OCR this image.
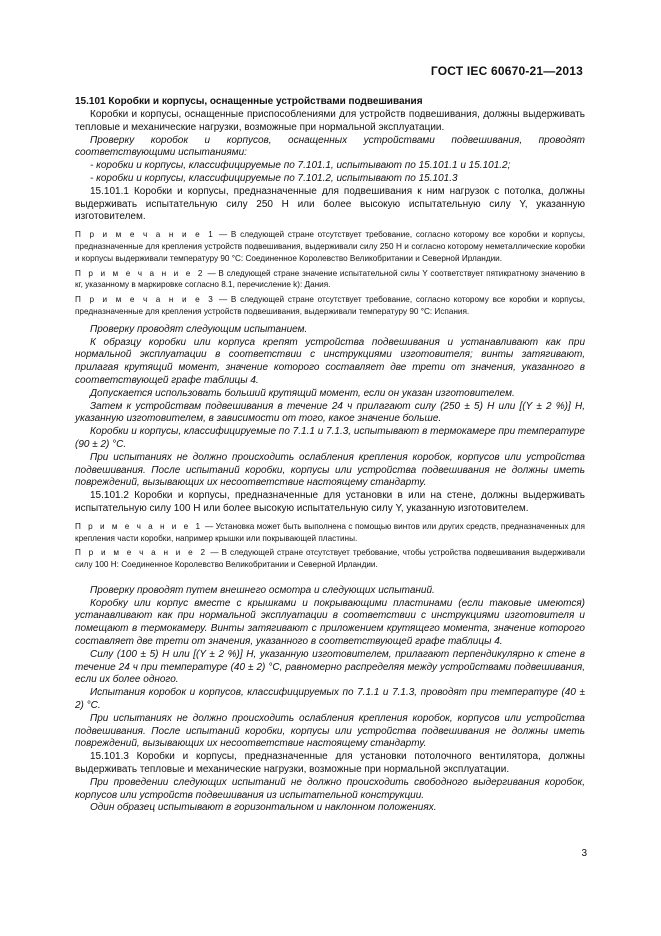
ГОСТ IEC 60670-21—2013
15.101 Коробки и корпусы, оснащенные устройствами подвешивания

Коробки и корпусы, оснащенные приспособлениями для устройств подвешивания, должны выдерживать тепловые и механические нагрузки, возможные при нормальной эксплуатации.

Проверку коробок и корпусов, оснащенных устройствами подвешивания, проводят соответствующими испытаниями:

- коробки и корпусы, классифицируемые по 7.101.1, испытывают по 15.101.1 и 15.101.2;

- коробки и корпусы, классифицируемые по 7.101.2, испытывают по 15.101.3

15.101.1 Коробки и корпусы, предназначенные для подвешивания к ним нагрузок с потолка, должны выдерживать испытательную силу 250 Н или более высокую испытательную силу Y, указанную изготовителем.

П р и м е ч а н и е 1 — В следующей стране отсутствует требование, согласно которому все коробки и корпусы, предназначенные для крепления устройств подвешивания, выдерживали силу 250 Н и согласно которому неметаллические коробки и корпусы выдерживали температуру 90 °С: Соединенное Королевство Великобритании и Северной Ирландии.

П р и м е ч а н и е 2 — В следующей стране значение испытательной силы Y соответствует пятикратному значению в кг, указанному в маркировке согласно 8.1, перечисление k): Дания.

П р и м е ч а н и е 3 — В следующей стране отсутствует требование, согласно которому все коробки и корпусы, предназначенные для крепления устройств подвешивания, выдерживали температуру 90 °С: Испания.

Проверку проводят следующим испытанием.

К образцу коробки или корпуса крепят устройства подвешивания и устанавливают как при нормальной эксплуатации в соответствии с инструкциями изготовителя; винты затягивают, прилагая крутящий момент, значение которого составляет две трети от значения, указанного в соответствующей графе таблицы 4.

Допускается использовать больший крутящий момент, если он указан изготовителем.

Затем к устройствам подвешивания в течение 24 ч прилагают силу (250 ± 5) Н или [(Y ± 2 %)] Н, указанную изготовителем, в зависимости от того, какое значение больше.

Коробки и корпусы, классифицируемые по 7.1.1 и 7.1.3, испытывают в термокамере при температуре (90 ± 2) °С.

При испытаниях не должно происходить ослабления крепления коробок, корпусов или устройства подвешивания. После испытаний коробки, корпусы или устройства подвешивания не должны иметь повреждений, вызывающих их несоответствие настоящему стандарту.

15.101.2 Коробки и корпусы, предназначенные для установки в или на стене, должны выдерживать испытательную силу 100 Н или более высокую испытательную силу Y, указанную изготовителем.

П р и м е ч а н и е 1 — Установка может быть выполнена с помощью винтов или других средств, предназначенных для крепления части коробки, например крышки или покрывающей пластины.

П р и м е ч а н и е 2 — В следующей стране отсутствует требование, чтобы устройства подвешивания выдерживали силу 100 Н: Соединенное Королевство Великобритании и Северной Ирландии.

Проверку проводят путем внешнего осмотра и следующих испытаний.

Коробку или корпус вместе с крышками и покрывающими пластинами (если таковые имеются) устанавливают как при нормальной эксплуатации в соответствии с инструкциями изготовителя и помещают в термокамеру. Винты затягивают с приложением крутящего момента, значение которого составляет две трети от значения, указанного в соответствующей графе таблицы 4.

Силу (100 ± 5) Н или [(Y ± 2 %)] Н, указанную изготовителем, прилагают перпендикулярно к стене в течение 24 ч при температуре (40 ± 2) °С, равномерно распределяя между устройствами подвешивания, если их более одного.

Испытания коробок и корпусов, классифицируемых по 7.1.1 и 7.1.3, проводят при температуре (40 ± 2) °С.

При испытаниях не должно происходить ослабления крепления коробок, корпусов или устройства подвешивания. После испытаний коробки, корпусы или устройства подвешивания не должны иметь повреждений, вызывающих их несоответствие настоящему стандарту.

15.101.3 Коробки и корпусы, предназначенные для установки потолочного вентилятора, должны выдерживать тепловые и механические нагрузки, возможные при нормальной эксплуатации.

При проведении следующих испытаний не должно происходить свободного выдергивания коробок, корпусов или устройств подвешивания из испытательной конструкции.

Один образец испытывают в горизонтальном и наклонном положениях.

3
